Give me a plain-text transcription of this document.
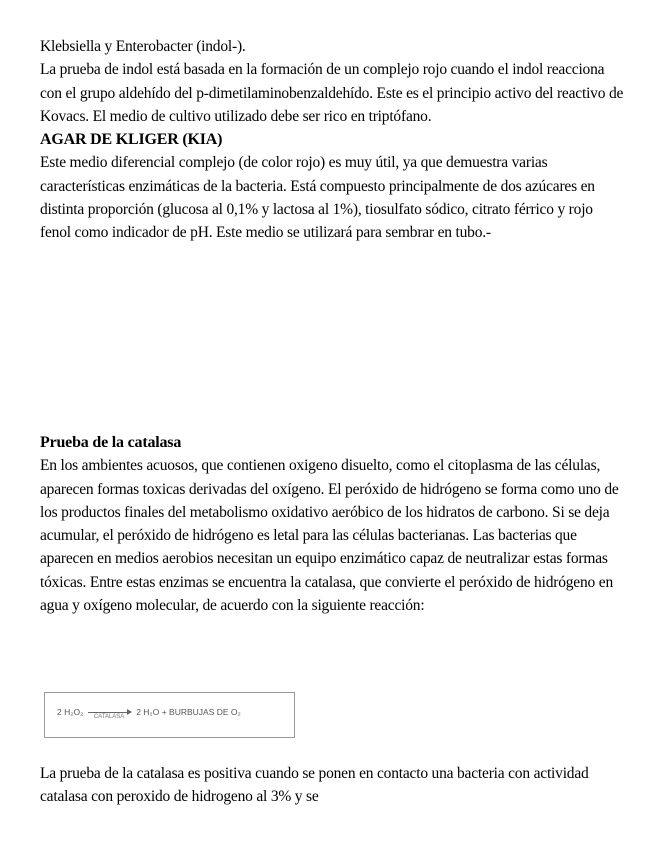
Klebsiella y Enterobacter (indol-).

La prueba de indol está basada en la formación de un complejo rojo cuando el indol reacciona con el grupo aldehído del p-dimetilaminobenzaldehído. Este es el principio activo del reactivo de Kovacs. El medio de cultivo utilizado debe ser rico en triptófano.

AGAR DE KLIGER (KIA)

Este medio diferencial complejo (de color rojo) es muy útil, ya que demuestra varias características enzimáticas de la bacteria. Está compuesto principalmente de dos azúcares en distinta proporción (glucosa al 0,1% y lactosa al 1%), tiosulfato sódico, citrato férrico y rojo fenol como indicador de pH. Este medio se utilizará para sembrar en tubo.-

Prueba de la catalasa

En los ambientes acuosos, que contienen oxigeno disuelto, como el citoplasma de las células, aparecen formas toxicas derivadas del oxígeno. El peróxido de hidrógeno se forma como uno de los productos finales del metabolismo oxidativo aeróbico de los hidratos de carbono. Si se deja acumular, el peróxido de hidrógeno es letal para las células bacterianas. Las bacterias que aparecen en medios aerobios necesitan un equipo enzimático capaz de neutralizar estas formas tóxicas. Entre estas enzimas se encuentra la catalasa, que convierte el peróxido de hidrógeno en agua y oxígeno molecular, de acuerdo con la siguiente reacción:

2 H₂O₂ CATALASA 2 H₂O + BURBUJAS DE O₂

La prueba de la catalasa es positiva cuando se ponen en contacto una bacteria con actividad catalasa con peroxido de hidrogeno al 3% y se
